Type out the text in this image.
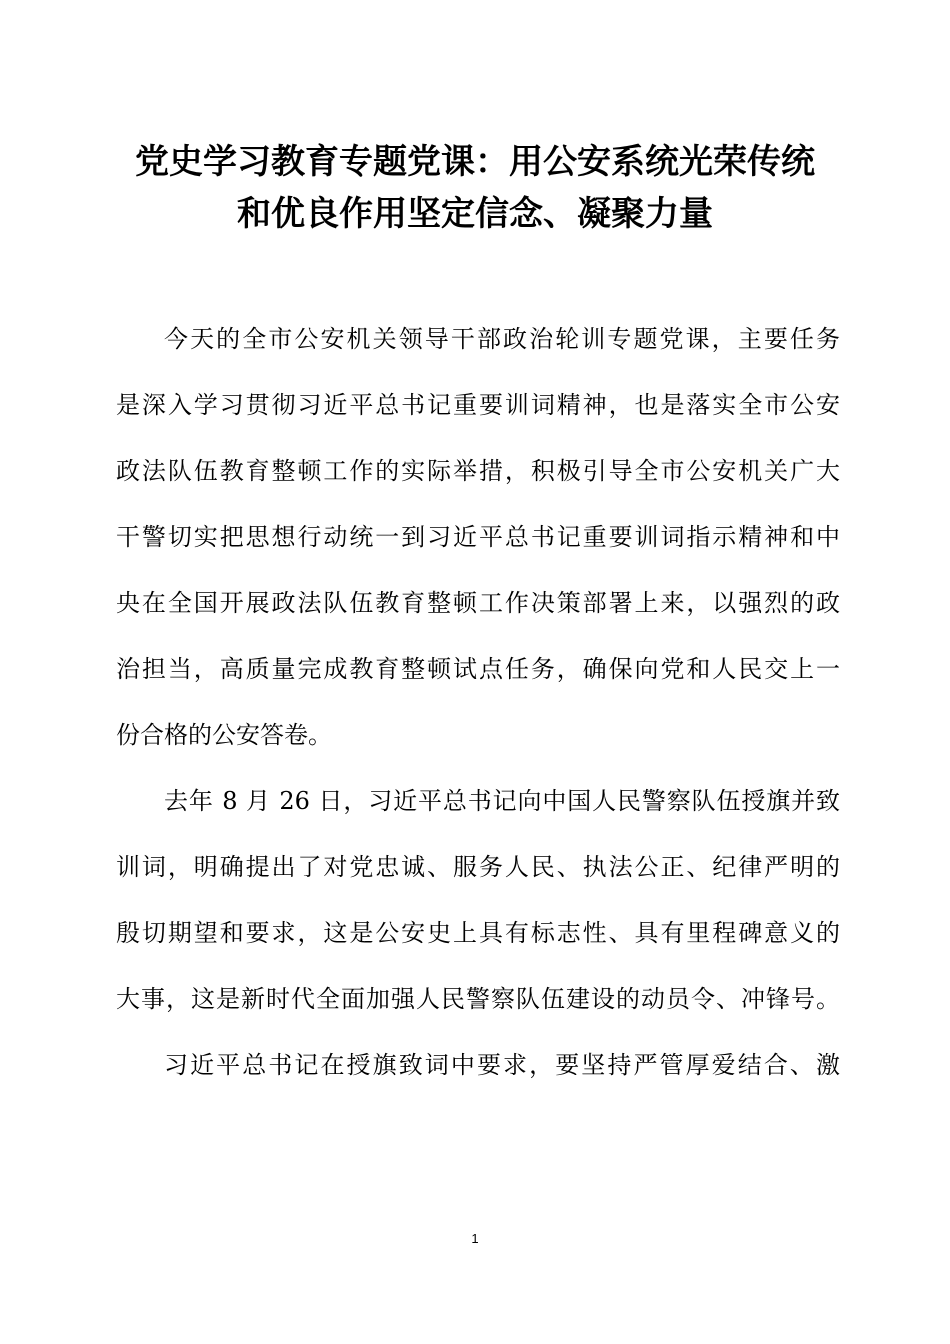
党史学习教育专题党课：用公安系统光荣传统
和优良作用坚定信念、凝聚力量
今天的全市公安机关领导干部政治轮训专题党课，主要任务
是深入学习贯彻习近平总书记重要训词精神，也是落实全市公安
政法队伍教育整顿工作的实际举措，积极引导全市公安机关广大
干警切实把思想行动统一到习近平总书记重要训词指示精神和中
央在全国开展政法队伍教育整顿工作决策部署上来，以强烈的政
治担当，高质量完成教育整顿试点任务，确保向党和人民交上一
份合格的公安答卷。
去年 8 月 26 日，习近平总书记向中国人民警察队伍授旗并致
训词，明确提出了对党忠诚、服务人民、执法公正、纪律严明的
殷切期望和要求，这是公安史上具有标志性、具有里程碑意义的
大事，这是新时代全面加强人民警察队伍建设的动员令、冲锋号。
习近平总书记在授旗致词中要求，要坚持严管厚爱结合、激
1
